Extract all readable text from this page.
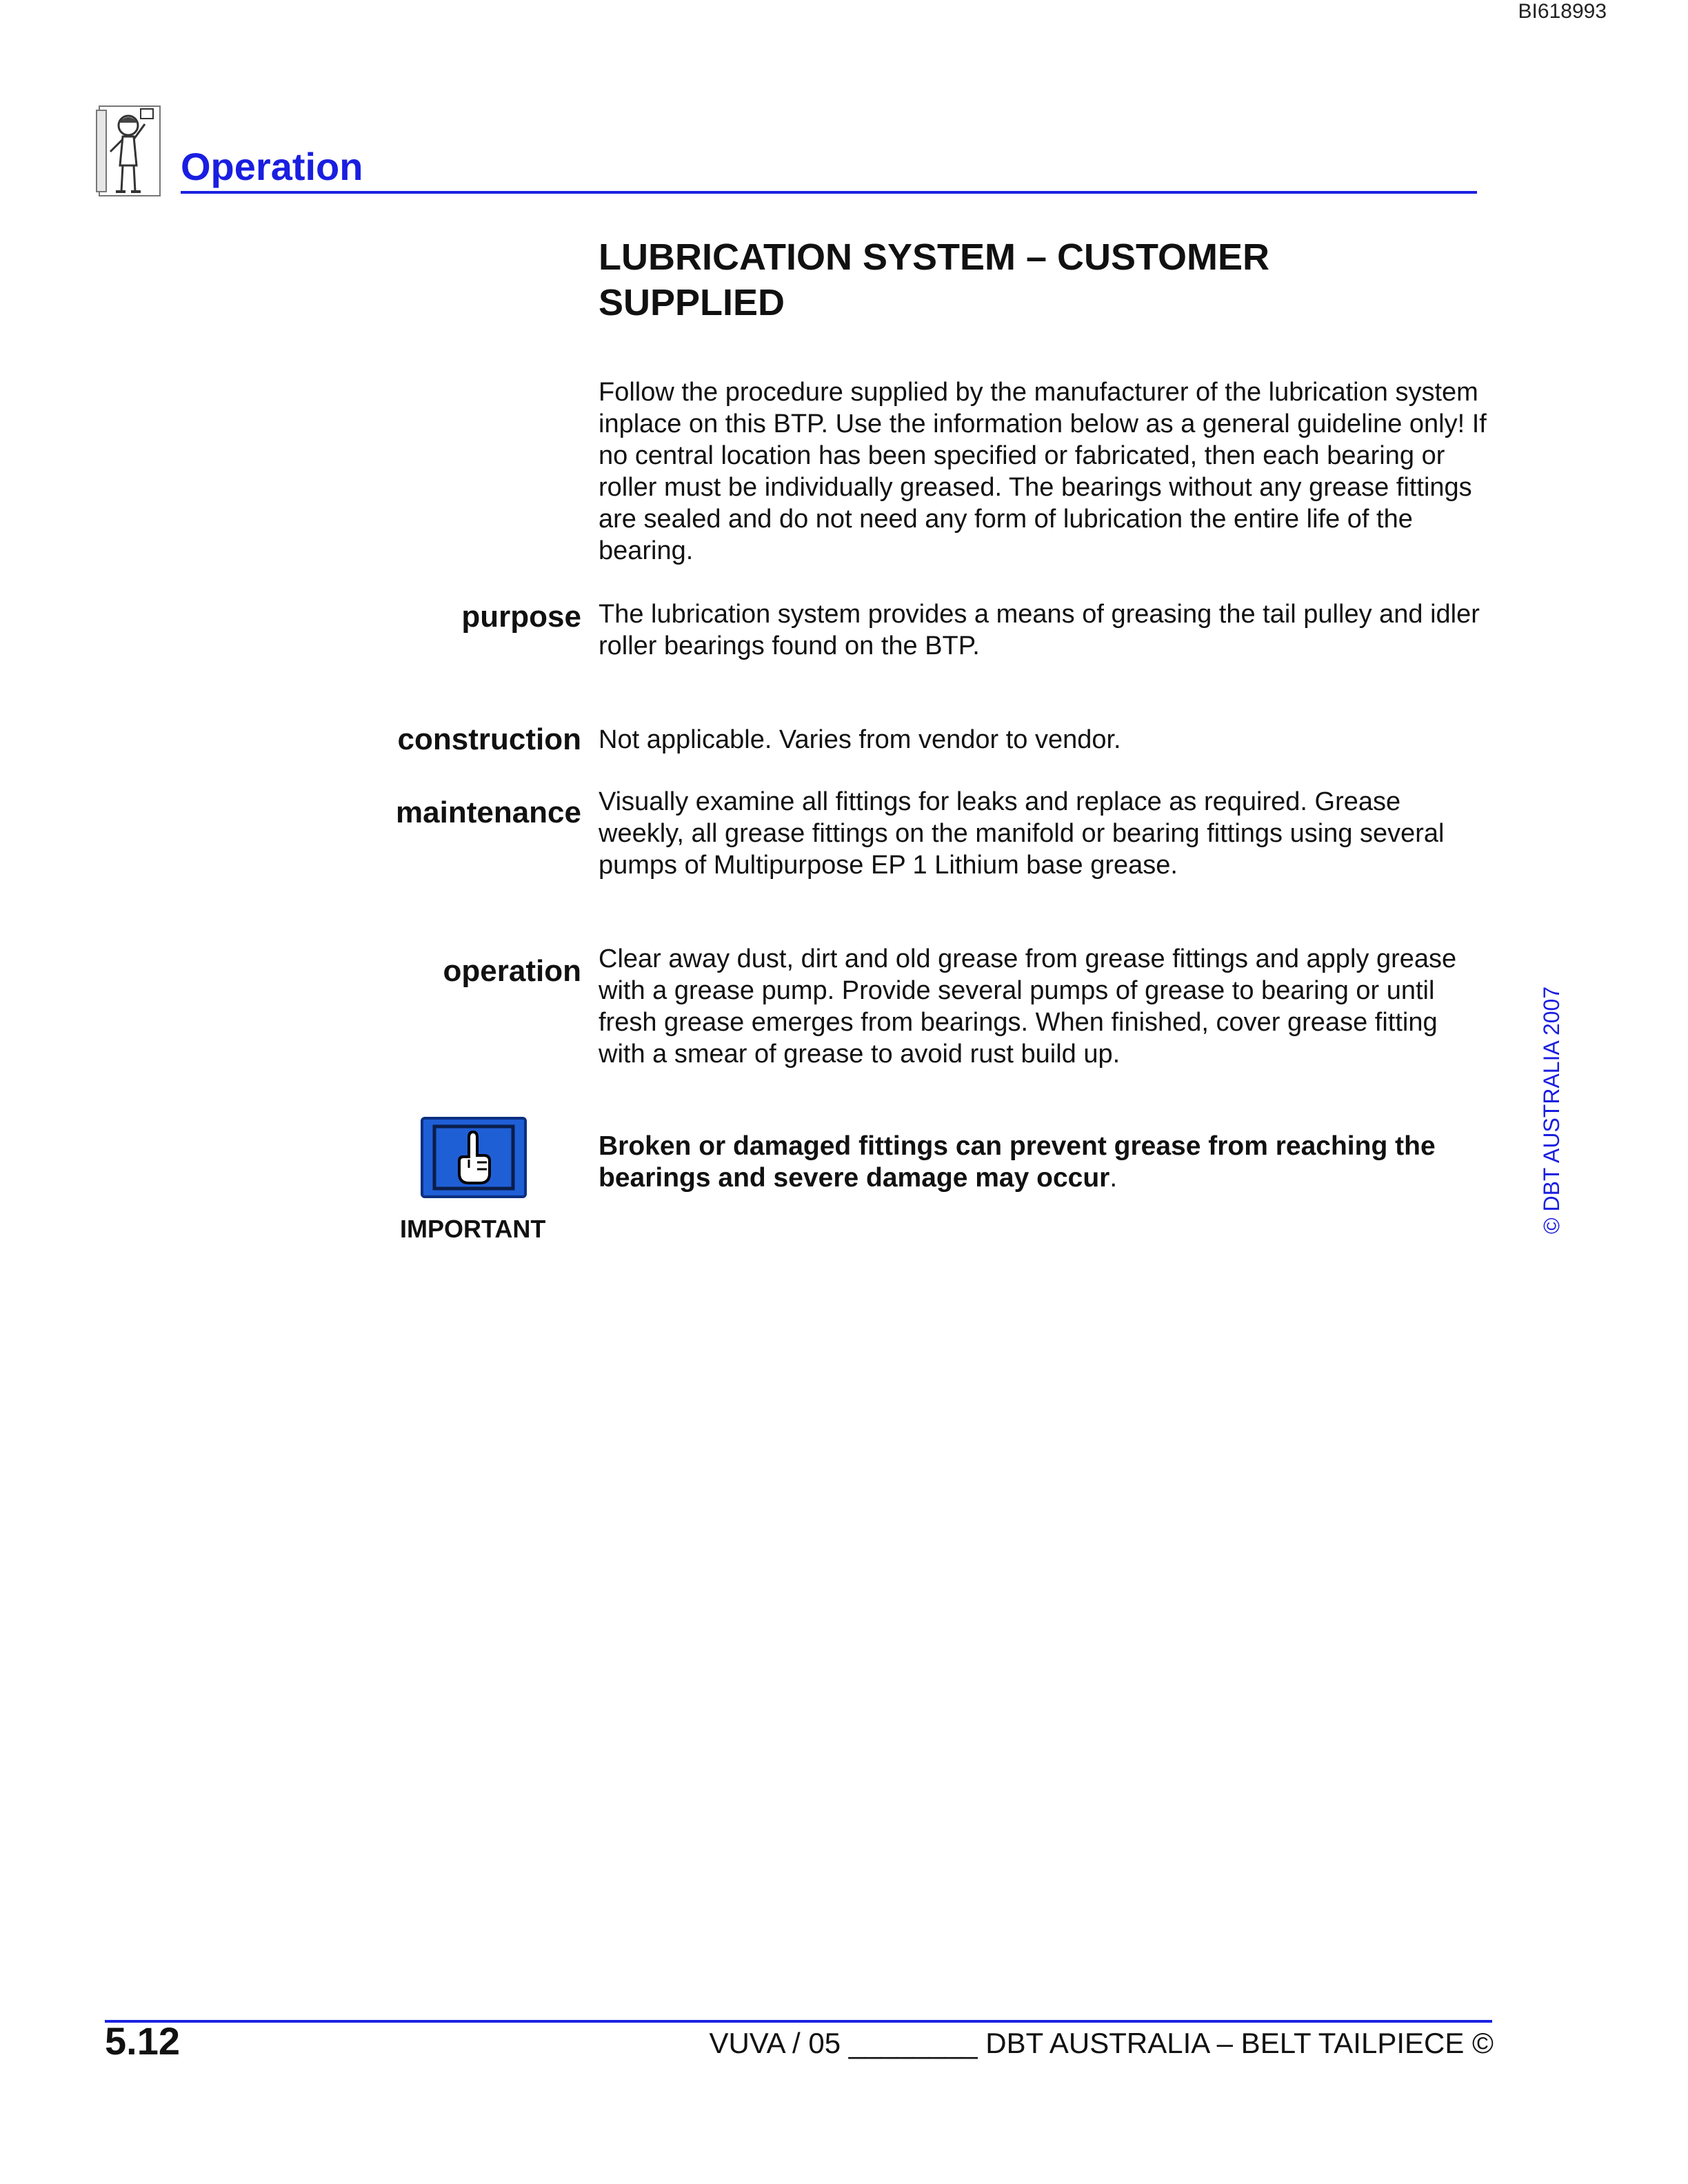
BI618993
Operation
LUBRICATION SYSTEM – CUSTOMER
SUPPLIED
Follow the procedure supplied by the manufacturer of the lubrication system inplace on this BTP. Use the information below as a general guideline only! If no central location has been specified or fabricated, then each bearing or roller must be individually greased. The bearings without any grease fittings are sealed and do not need any form of lubrication the entire life of the bearing.
purpose The lubrication system provides a means of greasing the tail pulley and idler roller bearings found on the BTP.
construction Not applicable. Varies from vendor to vendor.
maintenance Visually examine all fittings for leaks and replace as required. Grease weekly, all grease fittings on the manifold or bearing fittings using several pumps of Multipurpose EP 1 Lithium base grease.
operation Clear away dust, dirt and old grease from grease fittings and apply grease with a grease pump. Provide several pumps of grease to bearing or until fresh grease emerges from bearings. When finished, cover grease fitting with a smear of grease to avoid rust build up.
IMPORTANT
Broken or damaged fittings can prevent grease from reaching the bearings and severe damage may occur.	© DBT AUSTRALIA 2007
5.12	VUVA / 05 ________ DBT AUSTRALIA – BELT TAILPIECE ©
